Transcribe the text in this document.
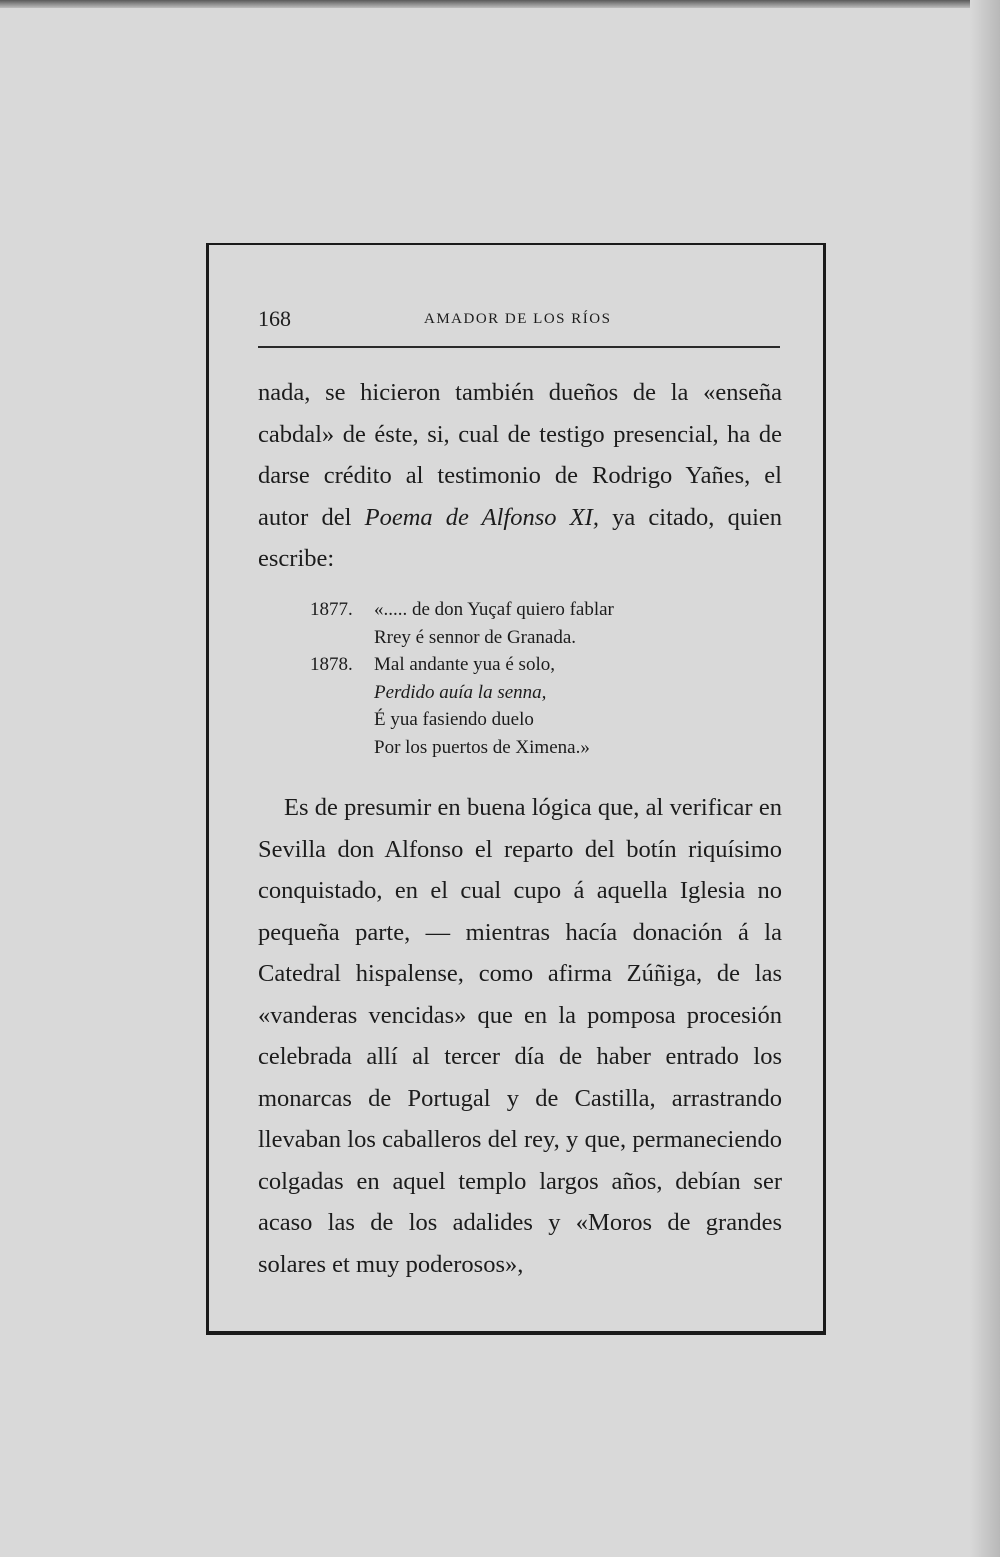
168	AMADOR DE LOS RÍOS

nada, se hicieron también dueños de la «enseña cabdal» de éste, si, cual de testigo presencial, ha de darse crédito al testimonio de Rodrigo Yañes, el autor del Poema de Alfonso XI, ya citado, quien escribe:

1877. «..... de don Yuçaf quiero fablar
Rrey é sennor de Granada.
1878. Mal andante yua é solo,
Perdido auía la senna,
É yua fasiendo duelo
Por los puertos de Ximena.»

Es de presumir en buena lógica que, al verificar en Sevilla don Alfonso el reparto del botín riquísimo conquistado, en el cual cupo á aquella Iglesia no pequeña parte, — mientras hacía donación á la Catedral hispalense, como afirma Zúñiga, de las «vanderas vencidas» que en la pomposa procesión celebrada allí al tercer día de haber entrado los monarcas de Portugal y de Castilla, arrastrando llevaban los caballeros del rey, y que, permaneciendo colgadas en aquel templo largos años, debían ser acaso las de los adalides y «Moros de grandes solares et muy poderosos»,
